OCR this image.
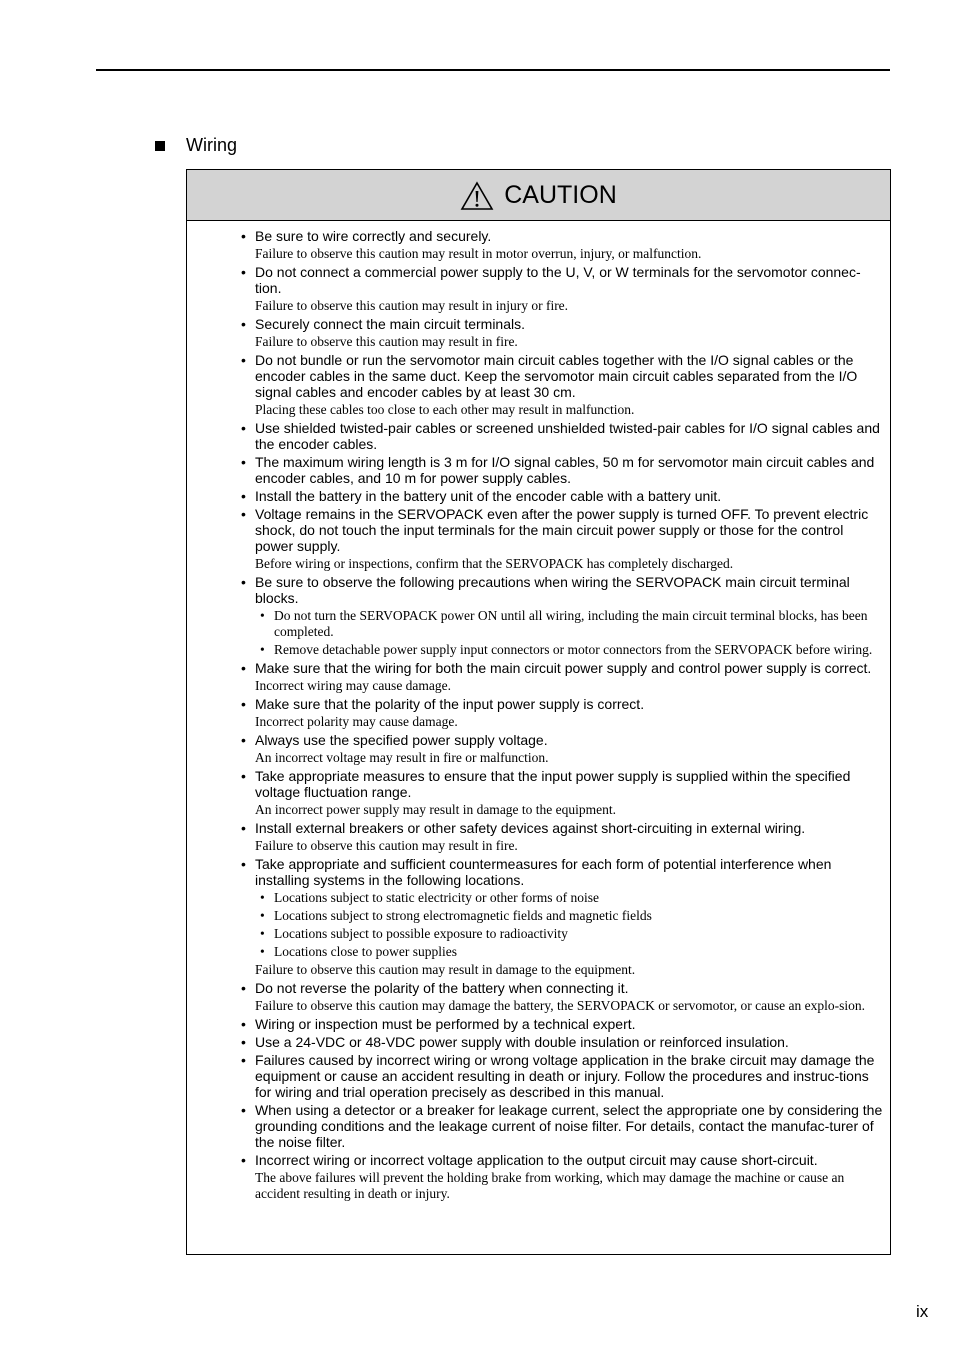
Wiring
CAUTION
• Be sure to wire correctly and securely.
Failure to observe this caution may result in motor overrun, injury, or malfunction.
• Do not connect a commercial power supply to the U, V, or W terminals for the servomotor connec-tion.
Failure to observe this caution may result in injury or fire.
• Securely connect the main circuit terminals.
Failure to observe this caution may result in fire.
• Do not bundle or run the servomotor main circuit cables together with the I/O signal cables or the encoder cables in the same duct. Keep the servomotor main circuit cables separated from the I/O signal cables and encoder cables by at least 30 cm.
Placing these cables too close to each other may result in malfunction.
• Use shielded twisted-pair cables or screened unshielded twisted-pair cables for I/O signal cables and the encoder cables.
• The maximum wiring length is 3 m for I/O signal cables, 50 m for servomotor main circuit cables and encoder cables, and 10 m for power supply cables.
• Install the battery in the battery unit of the encoder cable with a battery unit.
• Voltage remains in the SERVOPACK even after the power supply is turned OFF. To prevent electric shock, do not touch the input terminals for the main circuit power supply or those for the control power supply.
Before wiring or inspections, confirm that the SERVOPACK has completely discharged.
• Be sure to observe the following precautions when wiring the SERVOPACK main circuit terminal blocks.
• Do not turn the SERVOPACK power ON until all wiring, including the main circuit terminal blocks, has been completed.
• Remove detachable power supply input connectors or motor connectors from the SERVOPACK before wiring.
• Make sure that the wiring for both the main circuit power supply and control power supply is correct.
Incorrect wiring may cause damage.
• Make sure that the polarity of the input power supply is correct.
Incorrect polarity may cause damage.
• Always use the specified power supply voltage.
An incorrect voltage may result in fire or malfunction.
• Take appropriate measures to ensure that the input power supply is supplied within the specified voltage fluctuation range.
An incorrect power supply may result in damage to the equipment.
• Install external breakers or other safety devices against short-circuiting in external wiring.
Failure to observe this caution may result in fire.
• Take appropriate and sufficient countermeasures for each form of potential interference when installing systems in the following locations.
• Locations subject to static electricity or other forms of noise
• Locations subject to strong electromagnetic fields and magnetic fields
• Locations subject to possible exposure to radioactivity
• Locations close to power supplies
Failure to observe this caution may result in damage to the equipment.
• Do not reverse the polarity of the battery when connecting it.
Failure to observe this caution may damage the battery, the SERVOPACK or servomotor, or cause an explo-sion.
• Wiring or inspection must be performed by a technical expert.
• Use a 24-VDC or 48-VDC power supply with double insulation or reinforced insulation.
• Failures caused by incorrect wiring or wrong voltage application in the brake circuit may damage the equipment or cause an accident resulting in death or injury. Follow the procedures and instruc-tions for wiring and trial operation precisely as described in this manual.
• When using a detector or a breaker for leakage current, select the appropriate one by considering the grounding conditions and the leakage current of noise filter. For details, contact the manufac-turer of the noise filter.
• Incorrect wiring or incorrect voltage application to the output circuit may cause short-circuit.
The above failures will prevent the holding brake from working, which may damage the machine or cause an accident resulting in death or injury.
ix
